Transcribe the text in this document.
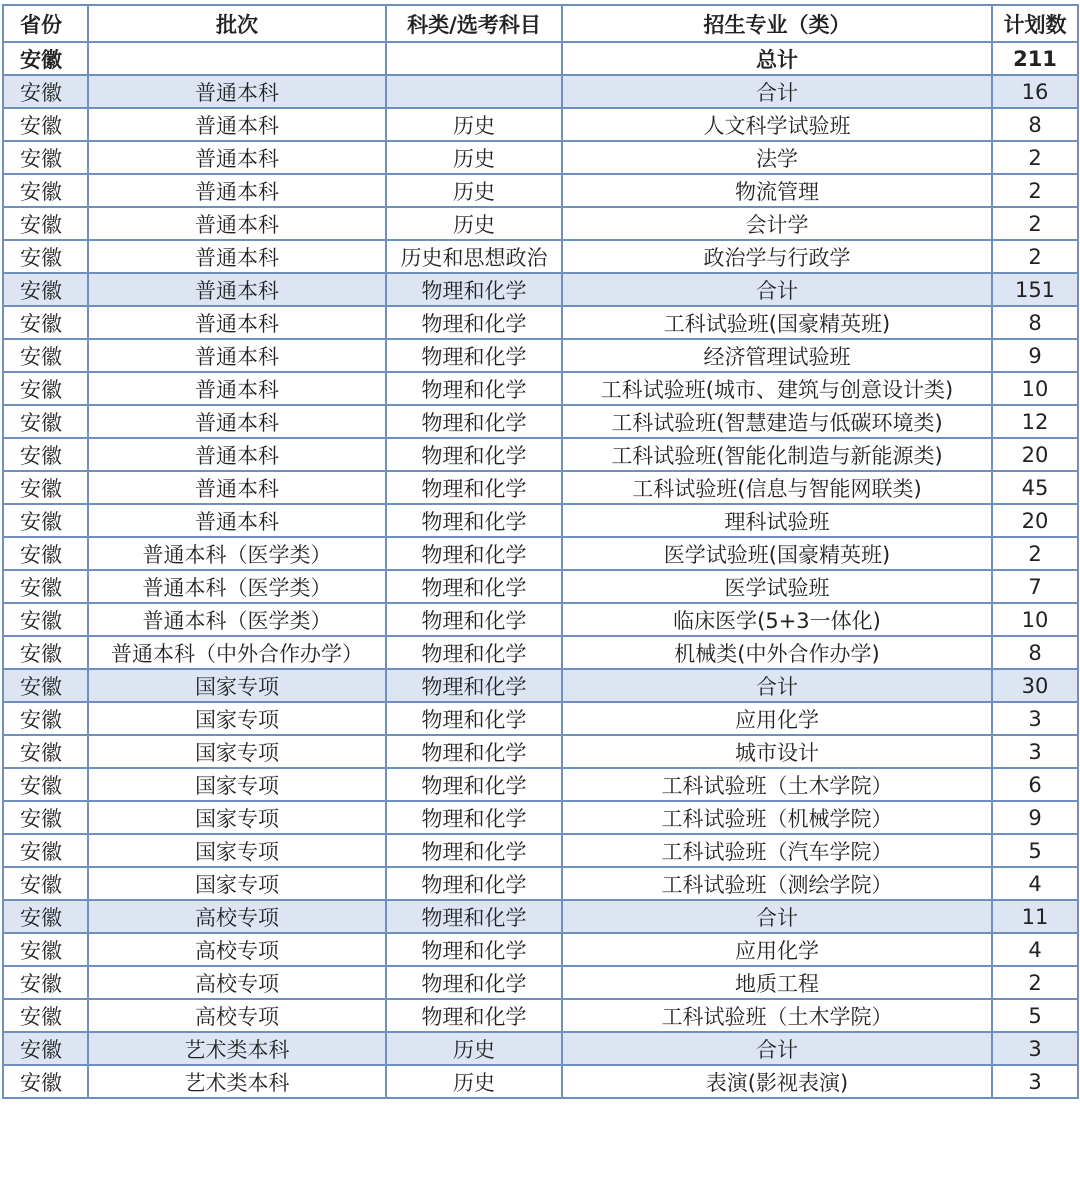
省份	批次	科类/选考科目	招生专业（类）	计划数
安徽			总计	211
安徽	普通本科		合计	16
安徽	普通本科	历史	人文科学试验班	8
安徽	普通本科	历史	法学	2
安徽	普通本科	历史	物流管理	2
安徽	普通本科	历史	会计学	2
安徽	普通本科	历史和思想政治	政治学与行政学	2
安徽	普通本科	物理和化学	合计	151
安徽	普通本科	物理和化学	工科试验班(国豪精英班)	8
安徽	普通本科	物理和化学	经济管理试验班	9
安徽	普通本科	物理和化学	工科试验班(城市、建筑与创意设计类)	10
安徽	普通本科	物理和化学	工科试验班(智慧建造与低碳环境类)	12
安徽	普通本科	物理和化学	工科试验班(智能化制造与新能源类)	20
安徽	普通本科	物理和化学	工科试验班(信息与智能网联类)	45
安徽	普通本科	物理和化学	理科试验班	20
安徽	普通本科（医学类）	物理和化学	医学试验班(国豪精英班)	2
安徽	普通本科（医学类）	物理和化学	医学试验班	7
安徽	普通本科（医学类）	物理和化学	临床医学(5+3一体化)	10
安徽	普通本科（中外合作办学）	物理和化学	机械类(中外合作办学)	8
安徽	国家专项	物理和化学	合计	30
安徽	国家专项	物理和化学	应用化学	3
安徽	国家专项	物理和化学	城市设计	3
安徽	国家专项	物理和化学	工科试验班（土木学院）	6
安徽	国家专项	物理和化学	工科试验班（机械学院）	9
安徽	国家专项	物理和化学	工科试验班（汽车学院）	5
安徽	国家专项	物理和化学	工科试验班（测绘学院）	4
安徽	高校专项	物理和化学	合计	11
安徽	高校专项	物理和化学	应用化学	4
安徽	高校专项	物理和化学	地质工程	2
安徽	高校专项	物理和化学	工科试验班（土木学院）	5
安徽	艺术类本科	历史	合计	3
安徽	艺术类本科	历史	表演(影视表演)	3
